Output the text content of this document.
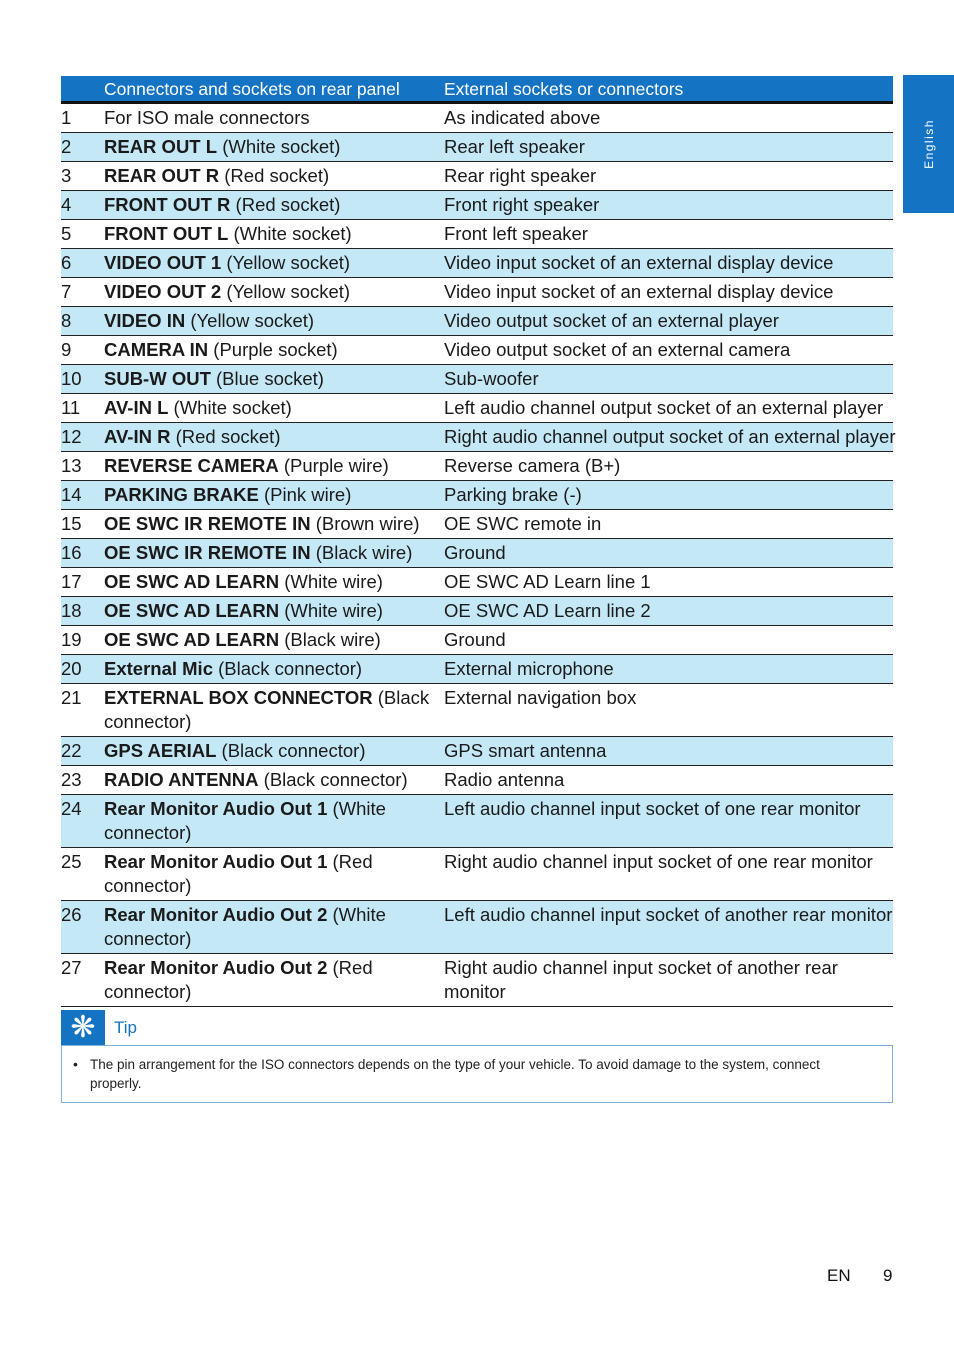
English
	Connectors and sockets on rear panel	External sockets or connectors
1	For ISO male connectors	As indicated above
2	REAR OUT L (White socket)	Rear left speaker
3	REAR OUT R (Red socket)	Rear right speaker
4	FRONT OUT R (Red socket)	Front right speaker
5	FRONT OUT L (White socket)	Front left speaker
6	VIDEO OUT 1 (Yellow socket)	Video input socket of an external display device
7	VIDEO OUT 2 (Yellow socket)	Video input socket of an external display device
8	VIDEO IN (Yellow socket)	Video output socket of an external player
9	CAMERA IN (Purple socket)	Video output socket of an external camera
10	SUB-W OUT (Blue socket)	Sub-woofer
11	AV-IN L (White socket)	Left audio channel output socket of an external player
12	AV-IN R (Red socket)	Right audio channel output socket of an external player
13	REVERSE CAMERA (Purple wire)	Reverse camera (B+)
14	PARKING BRAKE (Pink wire)	Parking brake (-)
15	OE SWC IR REMOTE IN (Brown wire)	OE SWC remote in
16	OE SWC IR REMOTE IN (Black wire)	Ground
17	OE SWC AD LEARN (White wire)	OE SWC AD Learn line 1
18	OE SWC AD LEARN (White wire)	OE SWC AD Learn line 2
19	OE SWC AD LEARN (Black wire)	Ground
20	External Mic (Black connector)	External microphone
21	EXTERNAL BOX CONNECTOR (Black connector)	External navigation box
22	GPS AERIAL (Black connector)	GPS smart antenna
23	RADIO ANTENNA (Black connector)	Radio antenna
24	Rear Monitor Audio Out 1 (White connector)	Left audio channel input socket of one rear monitor
25	Rear Monitor Audio Out 1 (Red connector)	Right audio channel input socket of one rear monitor
26	Rear Monitor Audio Out 2 (White connector)	Left audio channel input socket of another rear monitor
27	Rear Monitor Audio Out 2 (Red connector)	Right audio channel input socket of another rear monitor
❋	Tip
• The pin arrangement for the ISO connectors depends on the type of your vehicle. To avoid damage to the system, connect properly.
EN 9
